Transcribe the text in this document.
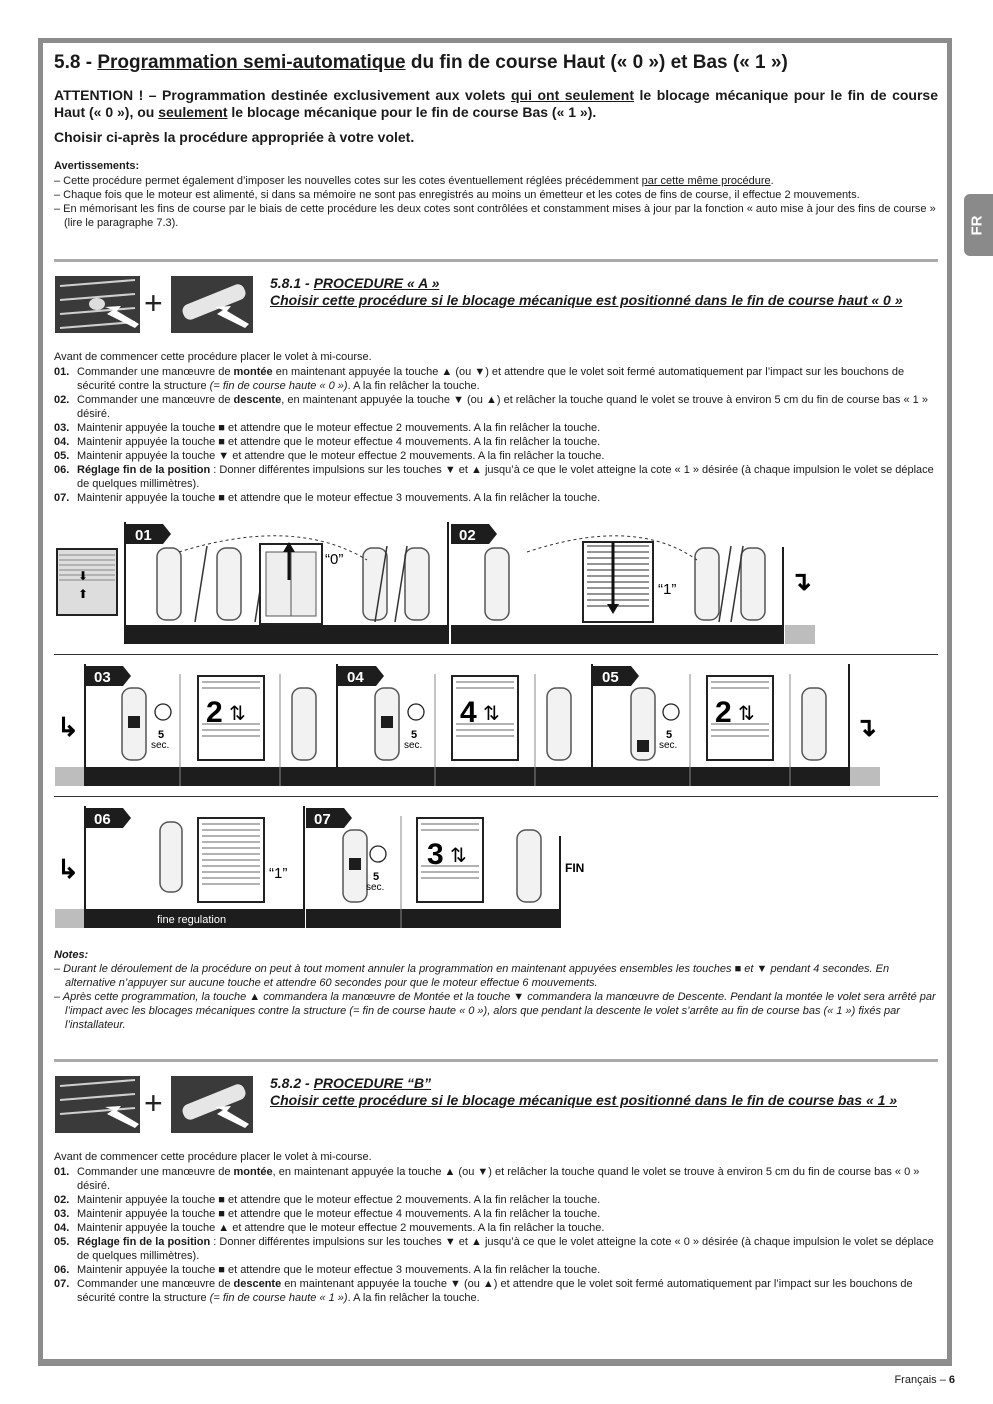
FR
5.8 - Programmation semi-automatique du fin de course Haut (« 0 ») et Bas (« 1 »)
ATTENTION ! – Programmation destinée exclusivement aux volets qui ont seulement le blocage mécanique pour le fin de course Haut (« 0 »), ou seulement le blocage mécanique pour le fin de course Bas (« 1 »).
Choisir ci-après la procédure appropriée à votre volet.
Avertissements:
– Cette procédure permet également d’imposer les nouvelles cotes sur les cotes éventuellement réglées précédemment par cette même procédure.
– Chaque fois que le moteur est alimenté, si dans sa mémoire ne sont pas enregistrés au moins un émetteur et les cotes de fins de course, il effectue 2 mouvements.
– En mémorisant les fins de course par le biais de cette procédure les deux cotes sont contrôlées et constamment mises à jour par la fonction « auto mise à jour des fins de course » (lire le paragraphe 7.3).
+
5.8.1 - PROCEDURE « A »
Choisir cette procédure si le blocage mécanique est positionné dans le fin de course haut « 0 »
Avant de commencer cette procédure placer le volet à mi-course.
01. Commander une manœuvre de montée en maintenant appuyée la touche ▲ (ou ▼) et attendre que le volet soit fermé automatiquement par l’impact sur les bouchons de sécurité contre la structure (= fin de course haute « 0 »). A la fin relâcher la touche.
02. Commander une manœuvre de descente, en maintenant appuyée la touche ▼ (ou ▲) et relâcher la touche quand le volet se trouve à environ 5 cm du fin de course bas « 1 » désiré.
03. Maintenir appuyée la touche ■ et attendre que le moteur effectue 2 mouvements. A la fin relâcher la touche.
04. Maintenir appuyée la touche ■ et attendre que le moteur effectue 4 mouvements. A la fin relâcher la touche.
05. Maintenir appuyée la touche ▼ et attendre que le moteur effectue 2 mouvements. A la fin relâcher la touche.
06. Réglage fin de la position : Donner différentes impulsions sur les touches ▼ et ▲ jusqu’à ce que le volet atteigne la cote « 1 » désirée (à chaque impulsion le volet se déplace de quelques millimètres).
07. Maintenir appuyée la touche ■ et attendre que le moteur effectue 3 mouvements. A la fin relâcher la touche.
⬇
⬆
01	02
“0”
“1”	↴
↳	↴
03	04	05
5
sec.
5
sec.
5
sec.
2 ⇅	4 ⇅	2 ⇅
↳
06	07
fine regulation
5
sec.
“1”
3 ⇅
FIN
Notes:
– Durant le déroulement de la procédure on peut à tout moment annuler la programmation en maintenant appuyées ensembles les touches ■ et ▼ pendant 4 secondes. En alternative n’appuyer sur aucune touche et attendre 60 secondes pour que le moteur effectue 6 mouvements.
– Après cette programmation, la touche ▲ commandera la manœuvre de Montée et la touche ▼ commandera la manœuvre de Descente. Pendant la montée le volet sera arrêté par l’impact avec les blocages mécaniques contre la structure (= fin de course haute « 0 »), alors que pendant la descente le volet s’arrête au fin de course bas (« 1 ») fixés par l’installateur.
+
5.8.2 - PROCEDURE “B”
Choisir cette procédure si le blocage mécanique est positionné dans le fin de course bas « 1 »
Avant de commencer cette procédure placer le volet à mi-course.
01. Commander une manœuvre de montée, en maintenant appuyée la touche ▲ (ou ▼) et relâcher la touche quand le volet se trouve à environ 5 cm du fin de course bas « 0 » désiré.
02. Maintenir appuyée la touche ■ et attendre que le moteur effectue 2 mouvements. A la fin relâcher la touche.
03. Maintenir appuyée la touche ■ et attendre que le moteur effectue 4 mouvements. A la fin relâcher la touche.
04. Maintenir appuyée la touche ▲ et attendre que le moteur effectue 2 mouvements. A la fin relâcher la touche.
05. Réglage fin de la position : Donner différentes impulsions sur les touches ▼ et ▲ jusqu’à ce que le volet atteigne la cote « 0 » désirée (à chaque impulsion le volet se déplace de quelques millimètres).
06. Maintenir appuyée la touche ■ et attendre que le moteur effectue 3 mouvements. A la fin relâcher la touche.
07. Commander une manœuvre de descente en maintenant appuyée la touche ▼ (ou ▲) et attendre que le volet soit fermé automatiquement par l’impact sur les bouchons de sécurité contre la structure (= fin de course haute « 1 »). A la fin relâcher la touche.
Français – 6
